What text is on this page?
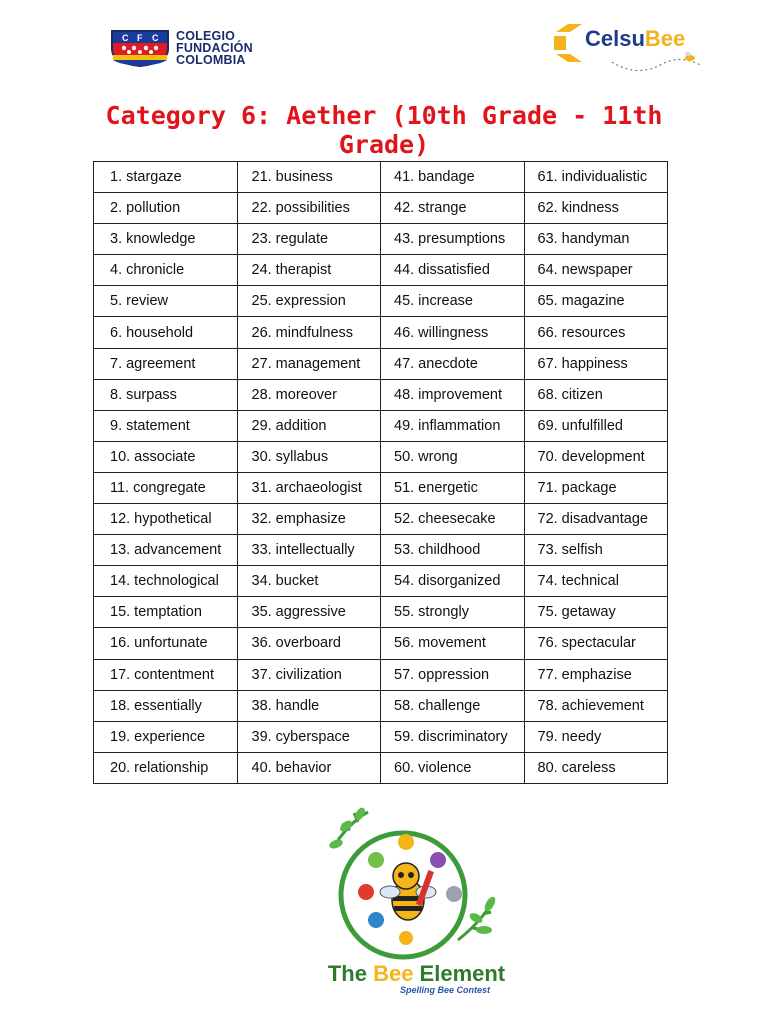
C F C COLEGIO
FUNDACIÓN
COLOMBIA
CelsuBee
Category 6: Aether (10th Grade - 11th Grade)
1. stargaze	21. business	41. bandage	61. individualistic
2. pollution	22. possibilities	42. strange	62. kindness
3. knowledge	23. regulate	43. presumptions	63. handyman
4. chronicle	24. therapist	44. dissatisfied	64. newspaper
5. review	25. expression	45. increase	65. magazine
6. household	26. mindfulness	46. willingness	66. resources
7. agreement	27. management	47. anecdote	67. happiness
8. surpass	28. moreover	48. improvement	68. citizen
9. statement	29. addition	49. inflammation	69. unfulfilled
10. associate	30. syllabus	50. wrong	70. development
11. congregate	31. archaeologist	51. energetic	71. package
12. hypothetical	32. emphasize	52. cheesecake	72. disadvantage
13. advancement	33. intellectually	53. childhood	73. selfish
14. technological	34. bucket	54. disorganized	74. technical
15. temptation	35. aggressive	55. strongly	75. getaway
16. unfortunate	36. overboard	56. movement	76. spectacular
17. contentment	37. civilization	57. oppression	77. emphazise
18. essentially	38. handle	58. challenge	78. achievement
19. experience	39. cyberspace	59. discriminatory	79. needy
20. relationship	40. behavior	60. violence	80. careless
The Bee Element
Spelling Bee Contest
